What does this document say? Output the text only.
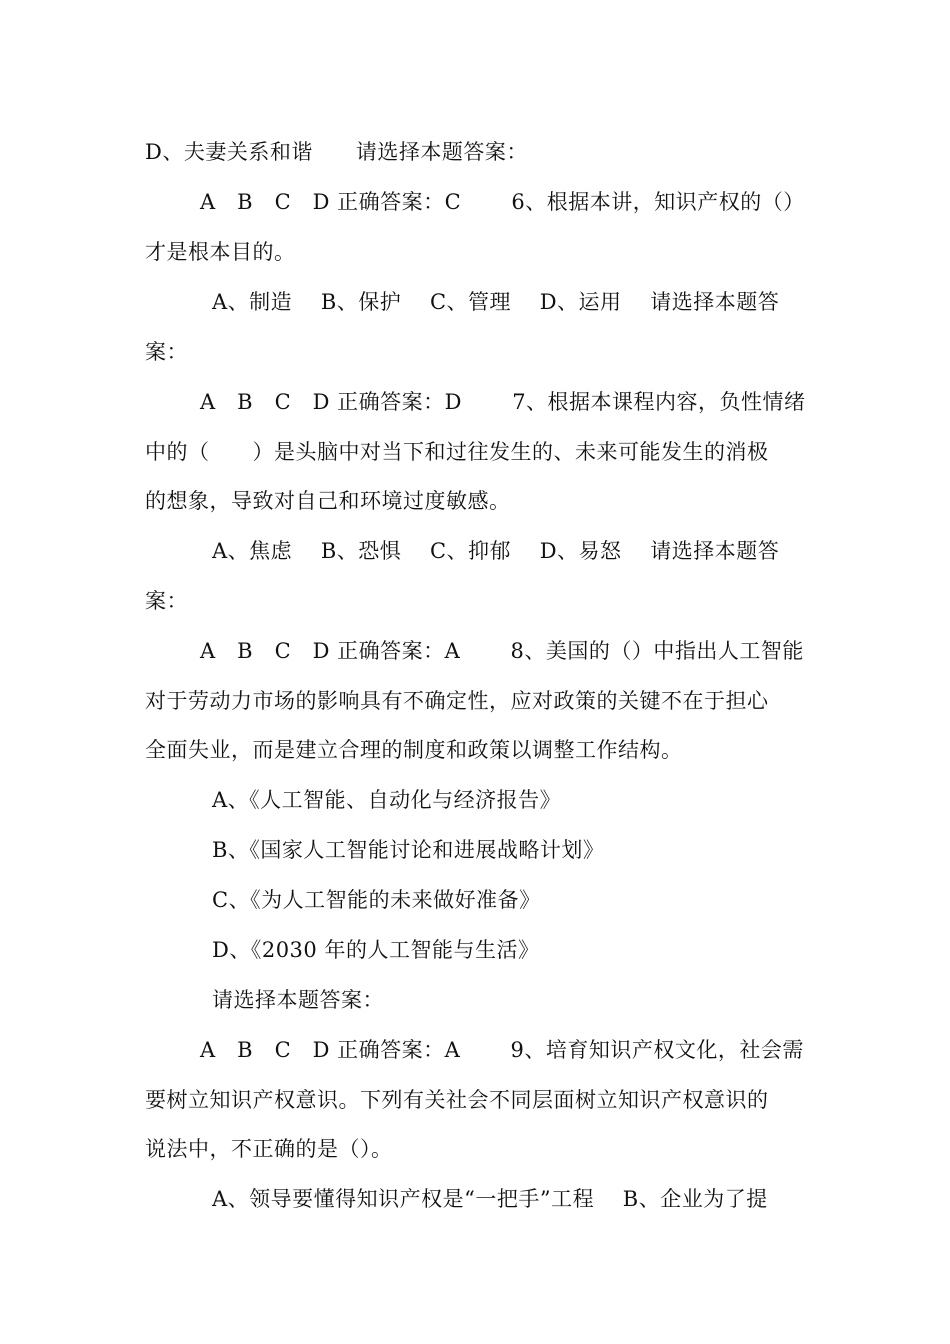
D、夫妻关系和谐　　请选择本题答案：
A　B　C　D 正确答案：C　　 6、根据本讲，知识产权的（）
才是根本目的。
A、制造　 B、保护　 C、管理　 D、运用　 请选择本题答
案：
A　B　C　D 正确答案：D　　 7、根据本课程内容，负性情绪
中的（　　）是头脑中对当下和过往发生的、未来可能发生的消极
的想象，导致对自己和环境过度敏感。
A、焦虑　 B、恐惧　 C、抑郁　 D、易怒　 请选择本题答
案：
A　B　C　D 正确答案：A　　 8、美国的（）中指出人工智能
对于劳动力市场的影响具有不确定性，应对政策的关键不在于担心
全面失业，而是建立合理的制度和政策以调整工作结构。
A、《人工智能、自动化与经济报告》
B、《国家人工智能讨论和进展战略计划》
C、《为人工智能的未来做好准备》
D、《2030 年的人工智能与生活》
请选择本题答案：
A　B　C　D 正确答案：A　　 9、培育知识产权文化，社会需
要树立知识产权意识。下列有关社会不同层面树立知识产权意识的
说法中，不正确的是（）。
A、领导要懂得知识产权是“一把手”工程　 B、企业为了提
